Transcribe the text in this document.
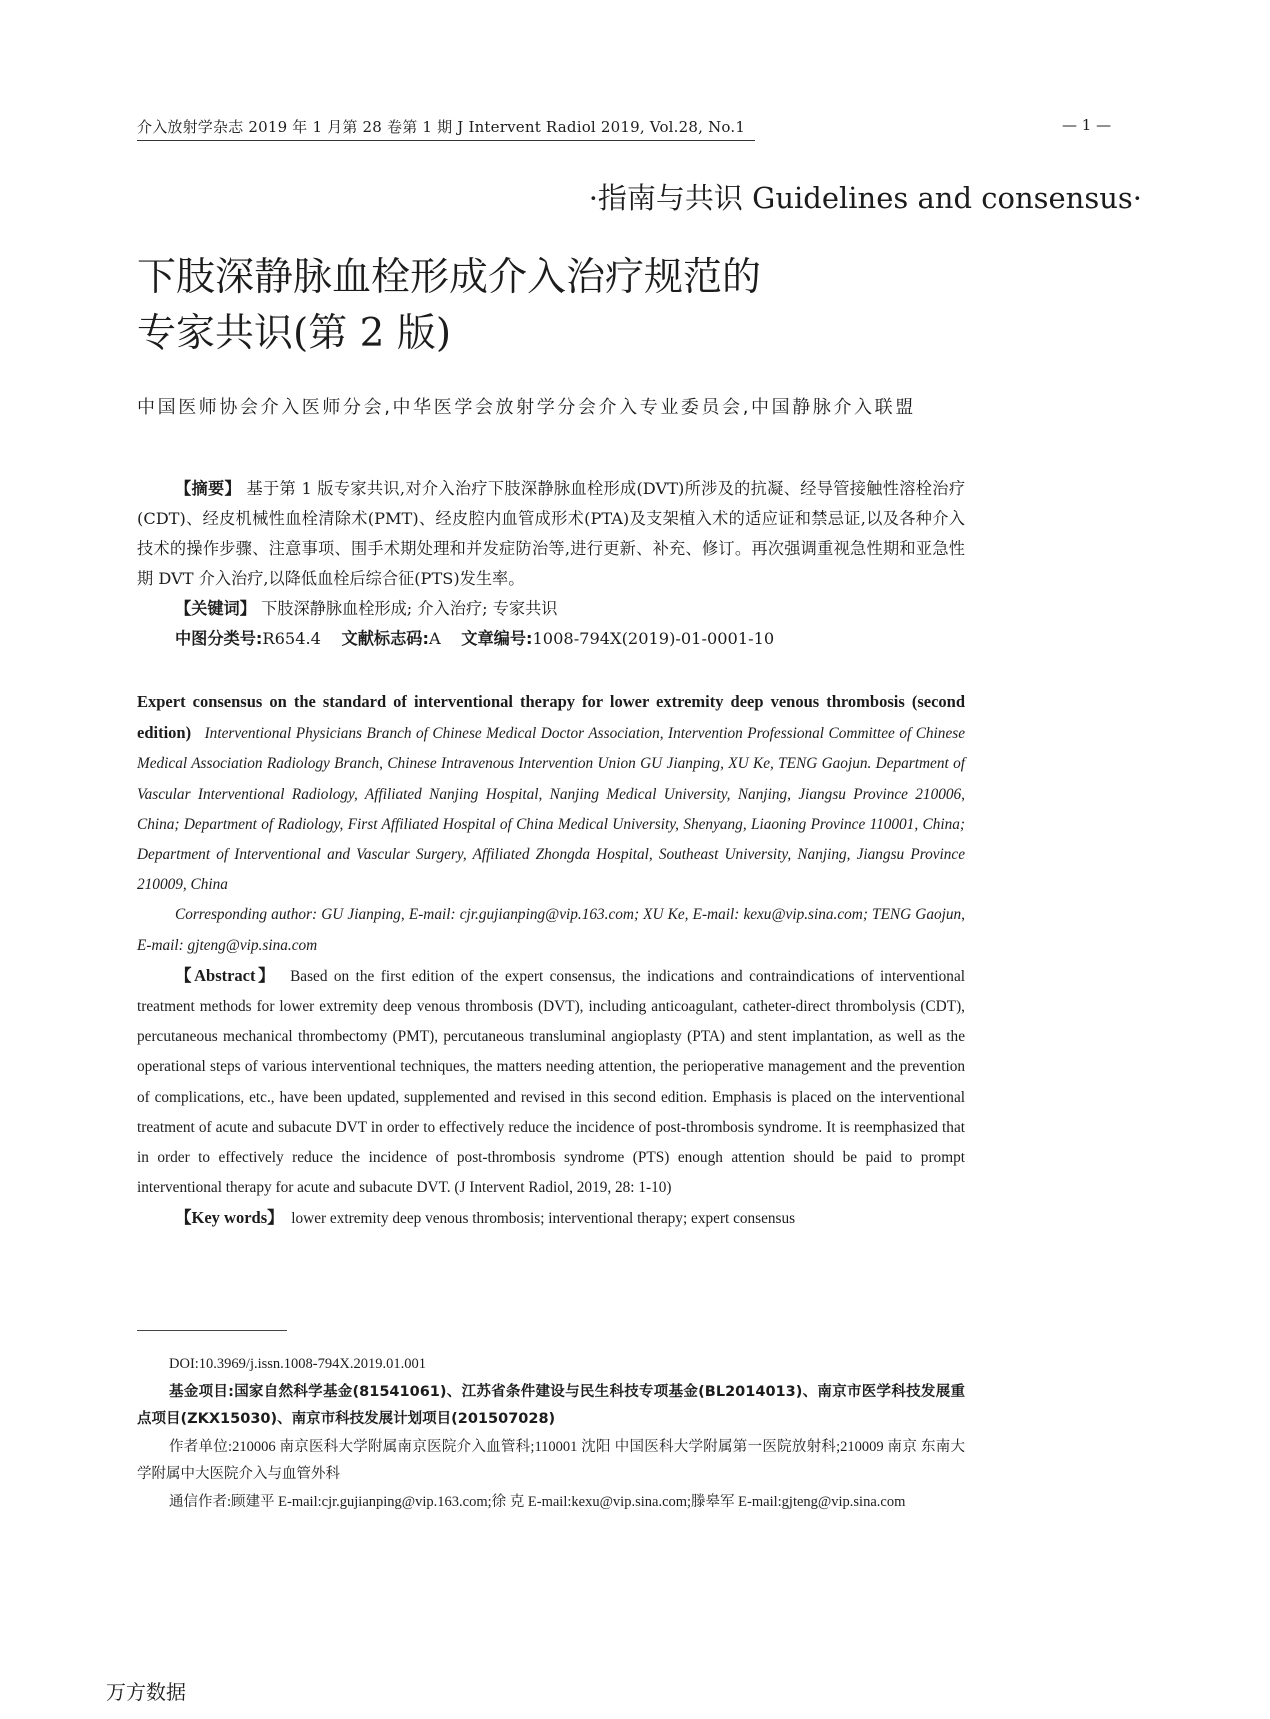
介入放射学杂志 2019 年 1 月第 28 卷第 1 期 J Intervent Radiol 2019, Vol.28, No.1	— 1 —
·指南与共识 Guidelines and consensus·
下肢深静脉血栓形成介入治疗规范的
专家共识(第 2 版)
中国医师协会介入医师分会,中华医学会放射学分会介入专业委员会,中国静脉介入联盟

【摘要】 基于第 1 版专家共识,对介入治疗下肢深静脉血栓形成(DVT)所涉及的抗凝、经导管接触性溶栓治疗(CDT)、经皮机械性血栓清除术(PMT)、经皮腔内血管成形术(PTA)及支架植入术的适应证和禁忌证,以及各种介入技术的操作步骤、注意事项、围手术期处理和并发症防治等,进行更新、补充、修订。再次强调重视急性期和亚急性期 DVT 介入治疗,以降低血栓后综合征(PTS)发生率。

【关键词】 下肢深静脉血栓形成; 介入治疗; 专家共识

中图分类号:R654.4 文献标志码:A 文章编号:1008-794X(2019)-01-0001-10

Expert consensus on the standard of interventional therapy for lower extremity deep venous thrombosis (second edition) Interventional Physicians Branch of Chinese Medical Doctor Association, Intervention Professional Committee of Chinese Medical Association Radiology Branch, Chinese Intravenous Intervention Union GU Jianping, XU Ke, TENG Gaojun. Department of Vascular Interventional Radiology, Affiliated Nanjing Hospital, Nanjing Medical University, Nanjing, Jiangsu Province 210006, China; Department of Radiology, First Affiliated Hospital of China Medical University, Shenyang, Liaoning Province 110001, China; Department of Interventional and Vascular Surgery, Affiliated Zhongda Hospital, Southeast University, Nanjing, Jiangsu Province 210009, China

Corresponding author: GU Jianping, E-mail: cjr.gujianping@vip.163.com; XU Ke, E-mail: kexu@vip.sina.com; TENG Gaojun, E-mail: gjteng@vip.sina.com

【Abstract】 Based on the first edition of the expert consensus, the indications and contraindications of interventional treatment methods for lower extremity deep venous thrombosis (DVT), including anticoagulant, catheter-direct thrombolysis (CDT), percutaneous mechanical thrombectomy (PMT), percutaneous transluminal angioplasty (PTA) and stent implantation, as well as the operational steps of various interventional techniques, the matters needing attention, the perioperative management and the prevention of complications, etc., have been updated, supplemented and revised in this second edition. Emphasis is placed on the interventional treatment of acute and subacute DVT in order to effectively reduce the incidence of post-thrombosis syndrome. It is reemphasized that in order to effectively reduce the incidence of post-thrombosis syndrome (PTS) enough attention should be paid to prompt interventional therapy for acute and subacute DVT. (J Intervent Radiol, 2019, 28: 1-10)

【Key words】 lower extremity deep venous thrombosis; interventional therapy; expert consensus

DOI:10.3969/j.issn.1008-794X.2019.01.001

基金项目:国家自然科学基金(81541061)、江苏省条件建设与民生科技专项基金(BL2014013)、南京市医学科技发展重点项目(ZKX15030)、南京市科技发展计划项目(201507028)

作者单位:210006 南京医科大学附属南京医院介入血管科;110001 沈阳 中国医科大学附属第一医院放射科;210009 南京 东南大学附属中大医院介入与血管外科

通信作者:顾建平 E-mail:cjr.gujianping@vip.163.com;徐 克 E-mail:kexu@vip.sina.com;滕皋军 E-mail:gjteng@vip.sina.com

万方数据
